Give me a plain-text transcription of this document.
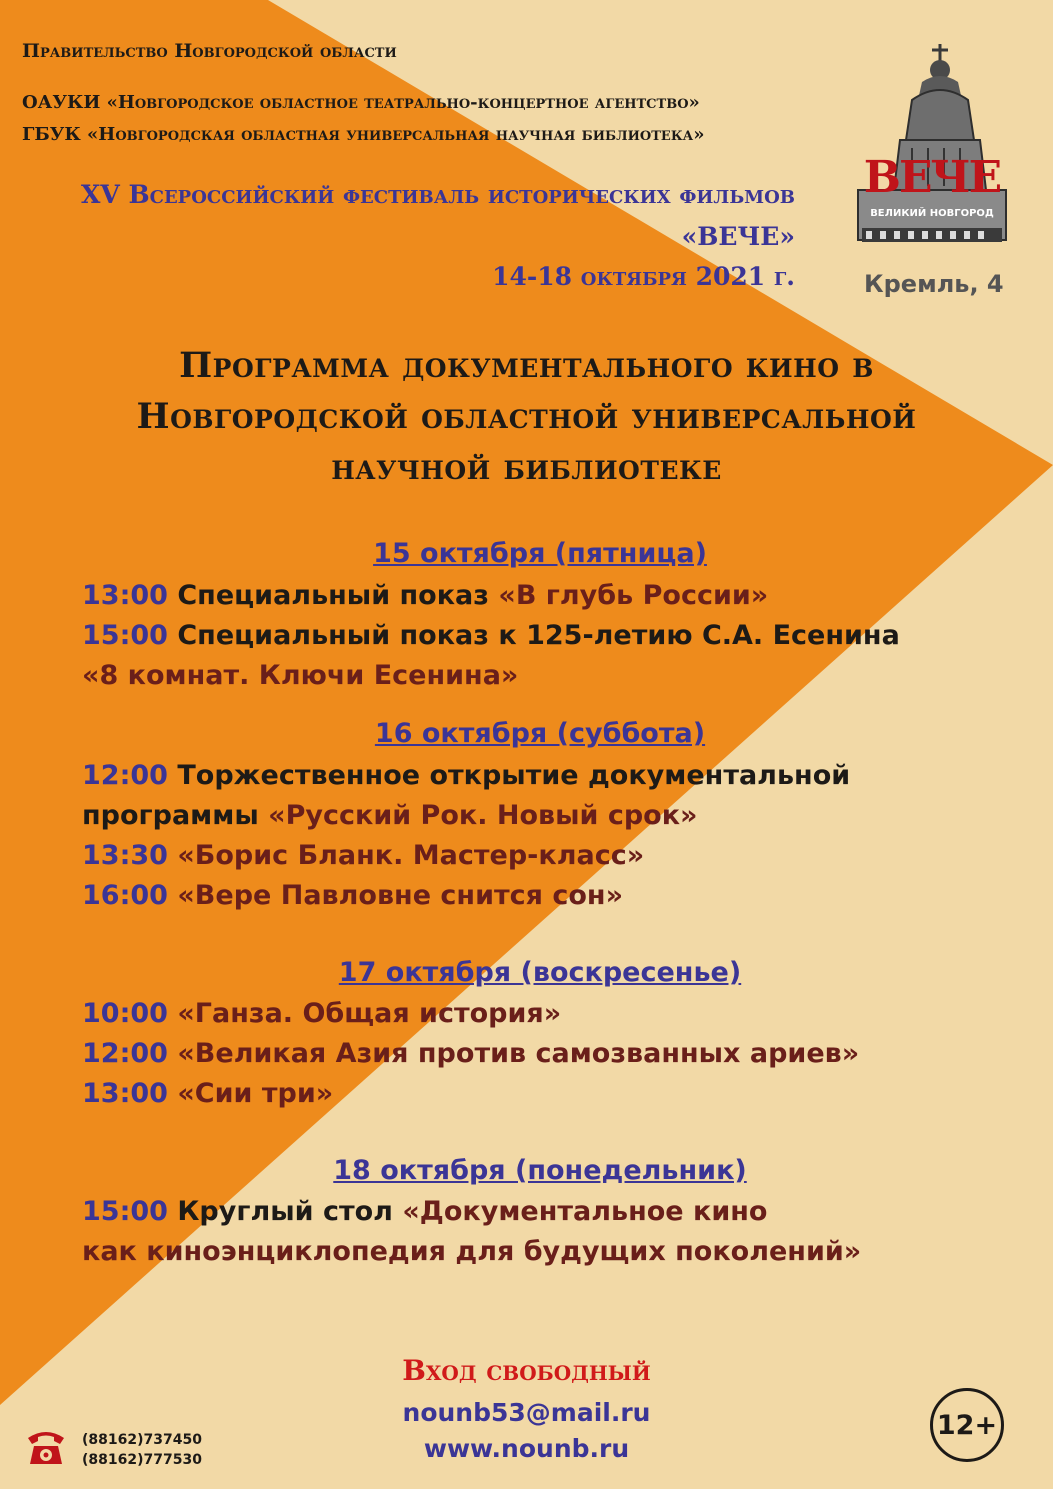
Правительство Новгородской области
ОАУКИ «Новгородское областное театрально-концертное агентство»
ГБУК «Новгородская областная универсальная научная библиотека»
XV Всероссийский фестиваль исторических фильмов
«ВЕЧЕ»
14-18 октября 2021 г.
ВЕЧЕ
ВЕЛИКИЙ НОВГОРОД
Кремль, 4
Программа документального кино в
Новгородской областной универсальной
научной библиотеке
15 октября (пятница)
13:00 Специальный показ «В глубь России»
15:00 Специальный показ к 125-летию С.А. Есенина
«8 комнат. Ключи Есенина»
16 октября (суббота)
12:00 Торжественное открытие документальной
программы «Русский Рок. Новый срок»
13:30 «Борис Бланк. Мастер-класс»
16:00 «Вере Павловне снится сон»
17 октября (воскресенье)
10:00 «Ганза. Общая история»
12:00 «Великая Азия против самозванных ариев»
13:00 «Сии три»
18 октября (понедельник)
15:00 Круглый стол «Документальное кино
как киноэнциклопедия для будущих поколений»
Вход свободный
nounb53@mail.ru
www.nounb.ru
(88162)737450
(88162)777530
12+
